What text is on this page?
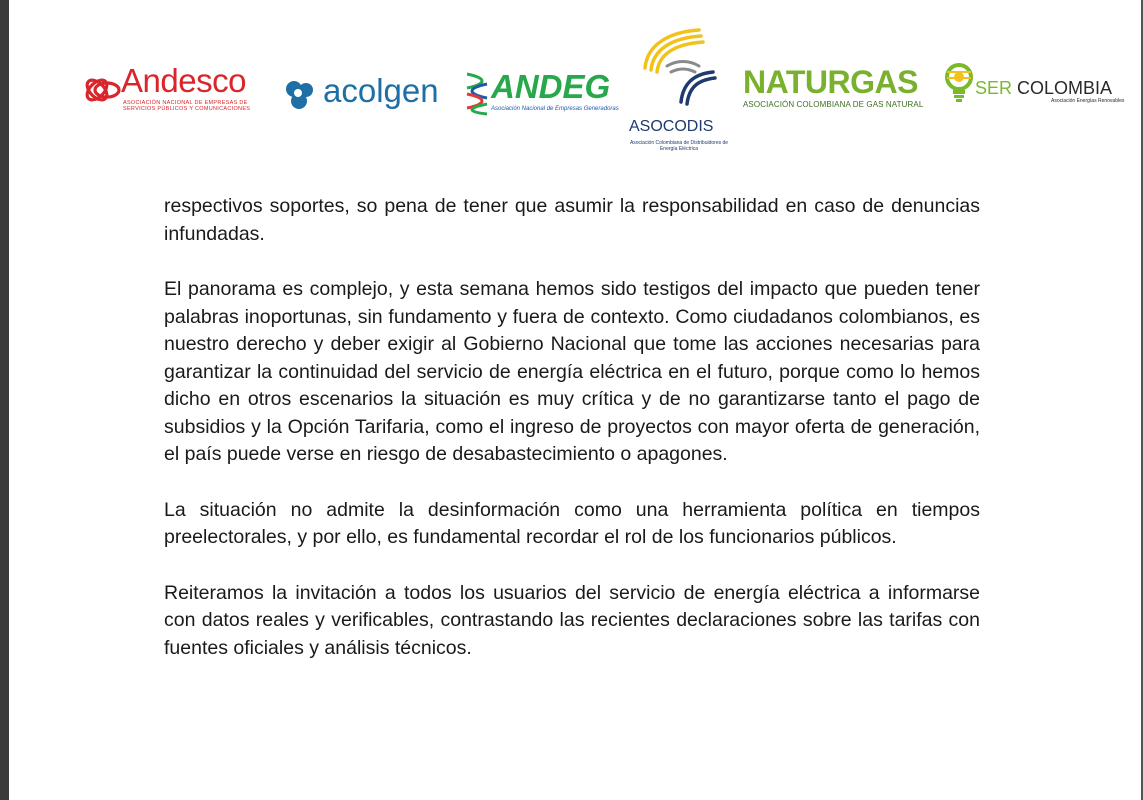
Andesco
ASOCIACIÓN NACIONAL DE EMPRESAS DE SERVICIOS PÚBLICOS Y COMUNICACIONES	acolgen ANDEG
Asociación Nacional de Empresas Generadoras
ASOCODIS
Asociación Colombiana de Distribuidores de Energía Eléctrica
NATURGAS
ASOCIACIÓN COLOMBIANA DE GAS NATURAL
SER COLOMBIA
Asociación Energías Renovables

respectivos soportes, so pena de tener que asumir la responsabilidad en caso de denuncias infundadas.

El panorama es complejo, y esta semana hemos sido testigos del impacto que pueden tener palabras inoportunas, sin fundamento y fuera de contexto. Como ciudadanos colombianos, es nuestro derecho y deber exigir al Gobierno Nacional que tome las acciones necesarias para garantizar la continuidad del servicio de energía eléctrica en el futuro, porque como lo hemos dicho en otros escenarios la situación es muy crítica y de no garantizarse tanto el pago de subsidios y la Opción Tarifaria, como el ingreso de proyectos con mayor oferta de generación, el país puede verse en riesgo de desabastecimiento o apagones.

La situación no admite la desinformación como una herramienta política en tiempos preelectorales, y por ello, es fundamental recordar el rol de los funcionarios públicos.

Reiteramos la invitación a todos los usuarios del servicio de energía eléctrica a informarse con datos reales y verificables, contrastando las recientes declaraciones sobre las tarifas con fuentes oficiales y análisis técnicos.
